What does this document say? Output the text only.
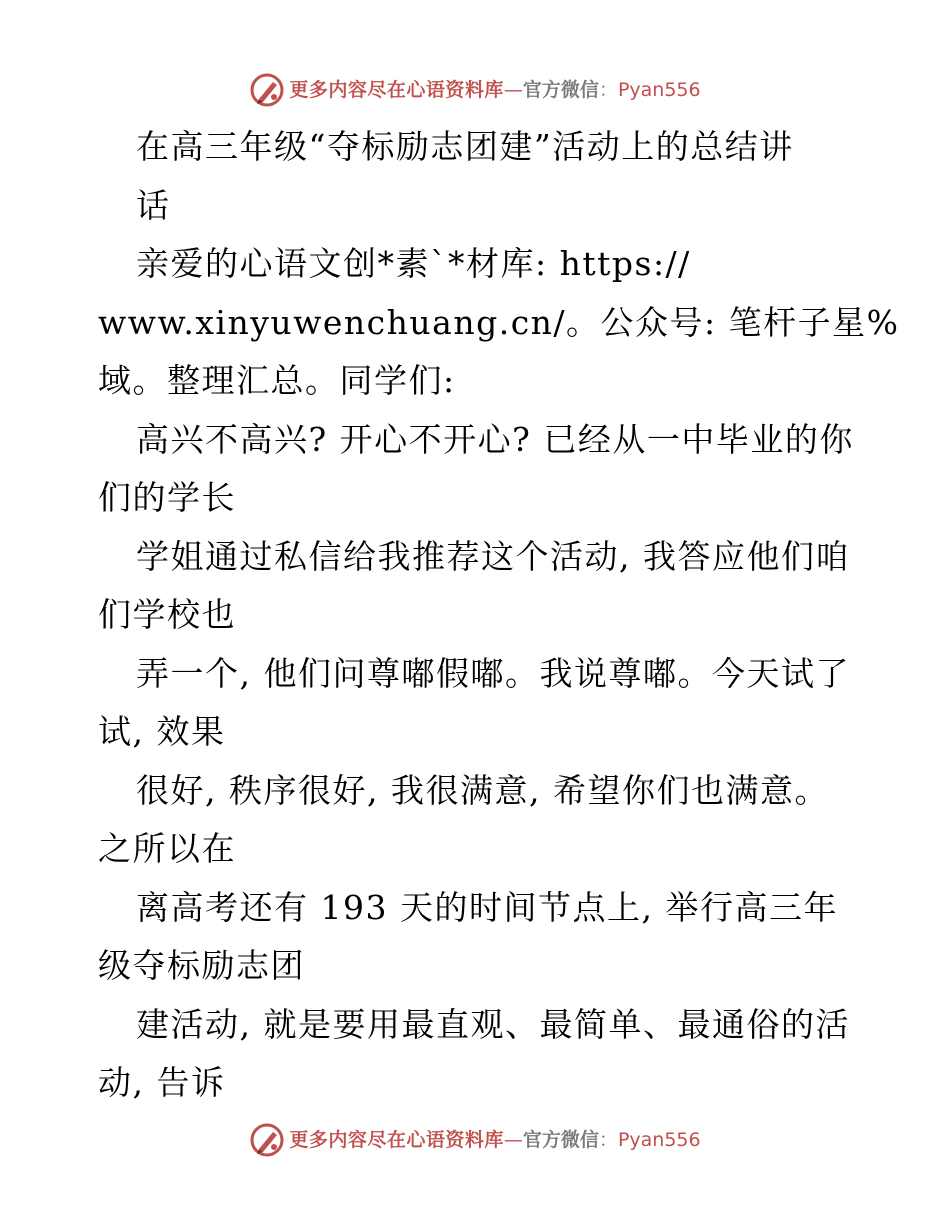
更多内容尽在心语资料库 — 官方微信 ： Pyan556
在高三年级“夺标励志团建”活动上的总结讲
话
亲爱的心语文创*素`*材库: https://
www.xinyuwenchuang.cn/。公众号: 笔杆子星%
域。整理汇总。同学们:
高兴不高兴? 开心不开心? 已经从一中毕业的你
们的学长
学姐通过私信给我推荐这个活动, 我答应他们咱
们学校也
弄一个, 他们问尊嘟假嘟。我说尊嘟。今天试了
试, 效果
很好, 秩序很好, 我很满意, 希望你们也满意。
之所以在
离高考还有 193 天的时间节点上, 举行高三年
级夺标励志团
建活动, 就是要用最直观、最简单、最通俗的活
动, 告诉
更多内容尽在心语资料库 — 官方微信 ： Pyan556
